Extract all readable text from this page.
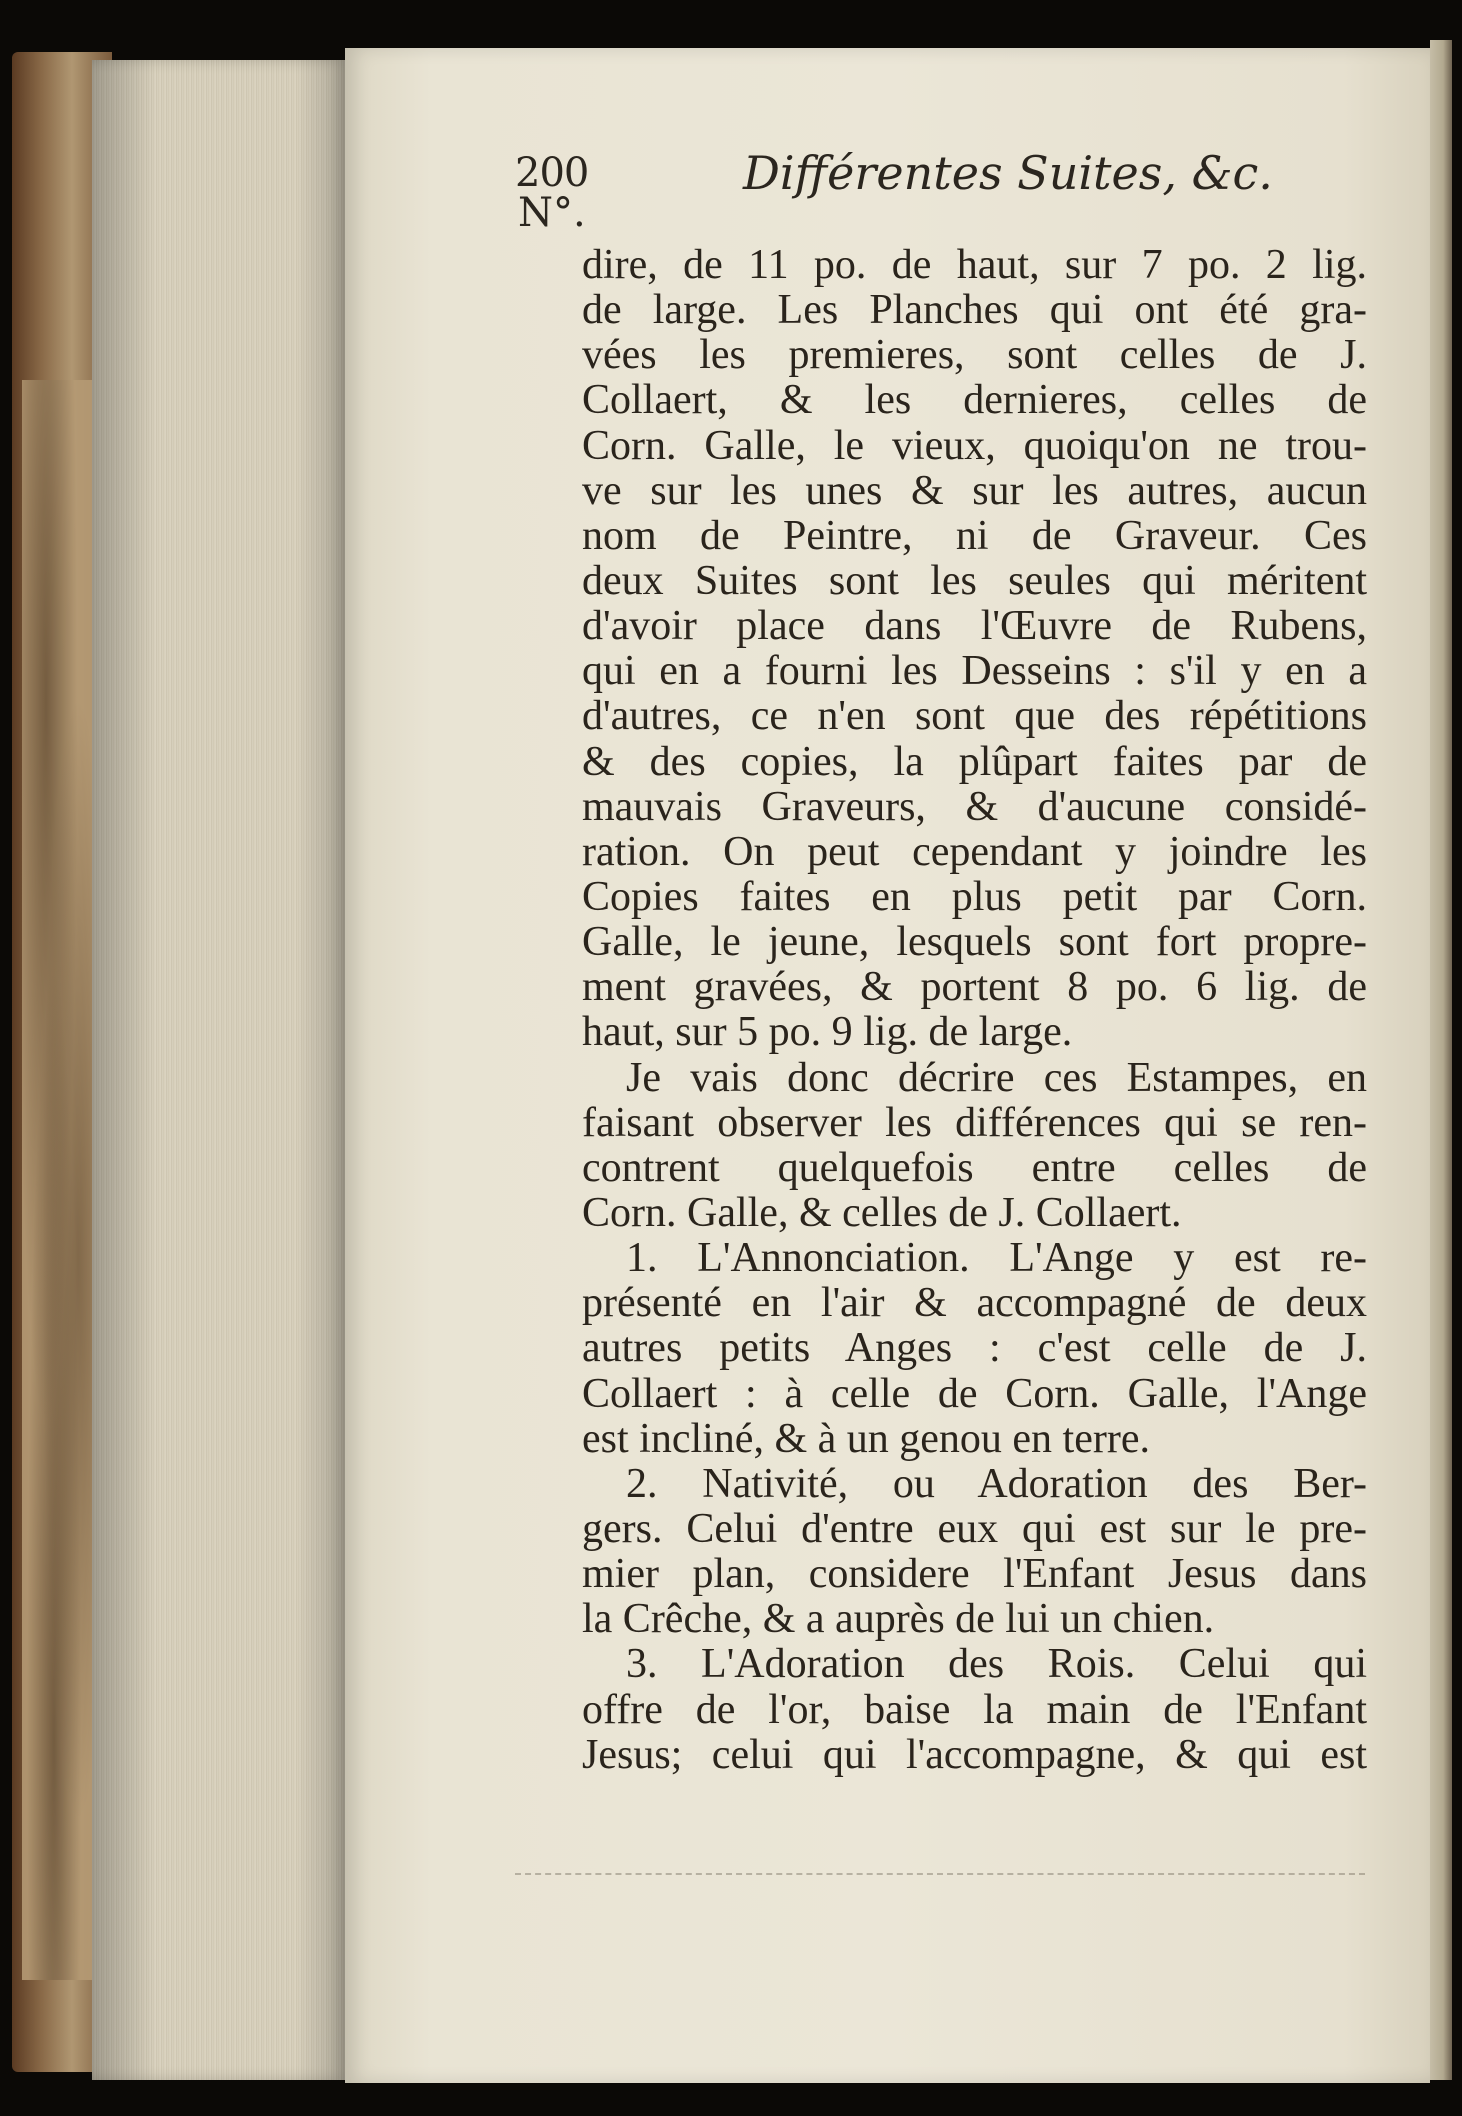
200	Différentes Suites, &c.
N°.
dire, de 11 po. de haut, sur 7 po. 2 lig.
de large. Les Planches qui ont été gra-
vées les premieres, sont celles de J.
Collaert, & les dernieres, celles de
Corn. Galle, le vieux, quoiqu'on ne trou-
ve sur les unes & sur les autres, aucun
nom de Peintre, ni de Graveur. Ces
deux Suites sont les seules qui méritent
d'avoir place dans l'Œuvre de Rubens,
qui en a fourni les Desseins : s'il y en a
d'autres, ce n'en sont que des répétitions
& des copies, la plûpart faites par de
mauvais Graveurs, & d'aucune considé-
ration. On peut cependant y joindre les
Copies faites en plus petit par Corn.
Galle, le jeune, lesquels sont fort propre-
ment gravées, & portent 8 po. 6 lig. de
haut, sur 5 po. 9 lig. de large.
Je vais donc décrire ces Estampes, en
faisant observer les différences qui se ren-
contrent quelquefois entre celles de
Corn. Galle, & celles de J. Collaert.
1. L'Annonciation. L'Ange y est re-
présenté en l'air & accompagné de deux
autres petits Anges : c'est celle de J.
Collaert : à celle de Corn. Galle, l'Ange
est incliné, & à un genou en terre.
2. Nativité, ou Adoration des Ber-
gers. Celui d'entre eux qui est sur le pre-
mier plan, considere l'Enfant Jesus dans
la Crêche, & a auprès de lui un chien.
3. L'Adoration des Rois. Celui qui
offre de l'or, baise la main de l'Enfant
Jesus; celui qui l'accompagne, & qui est
